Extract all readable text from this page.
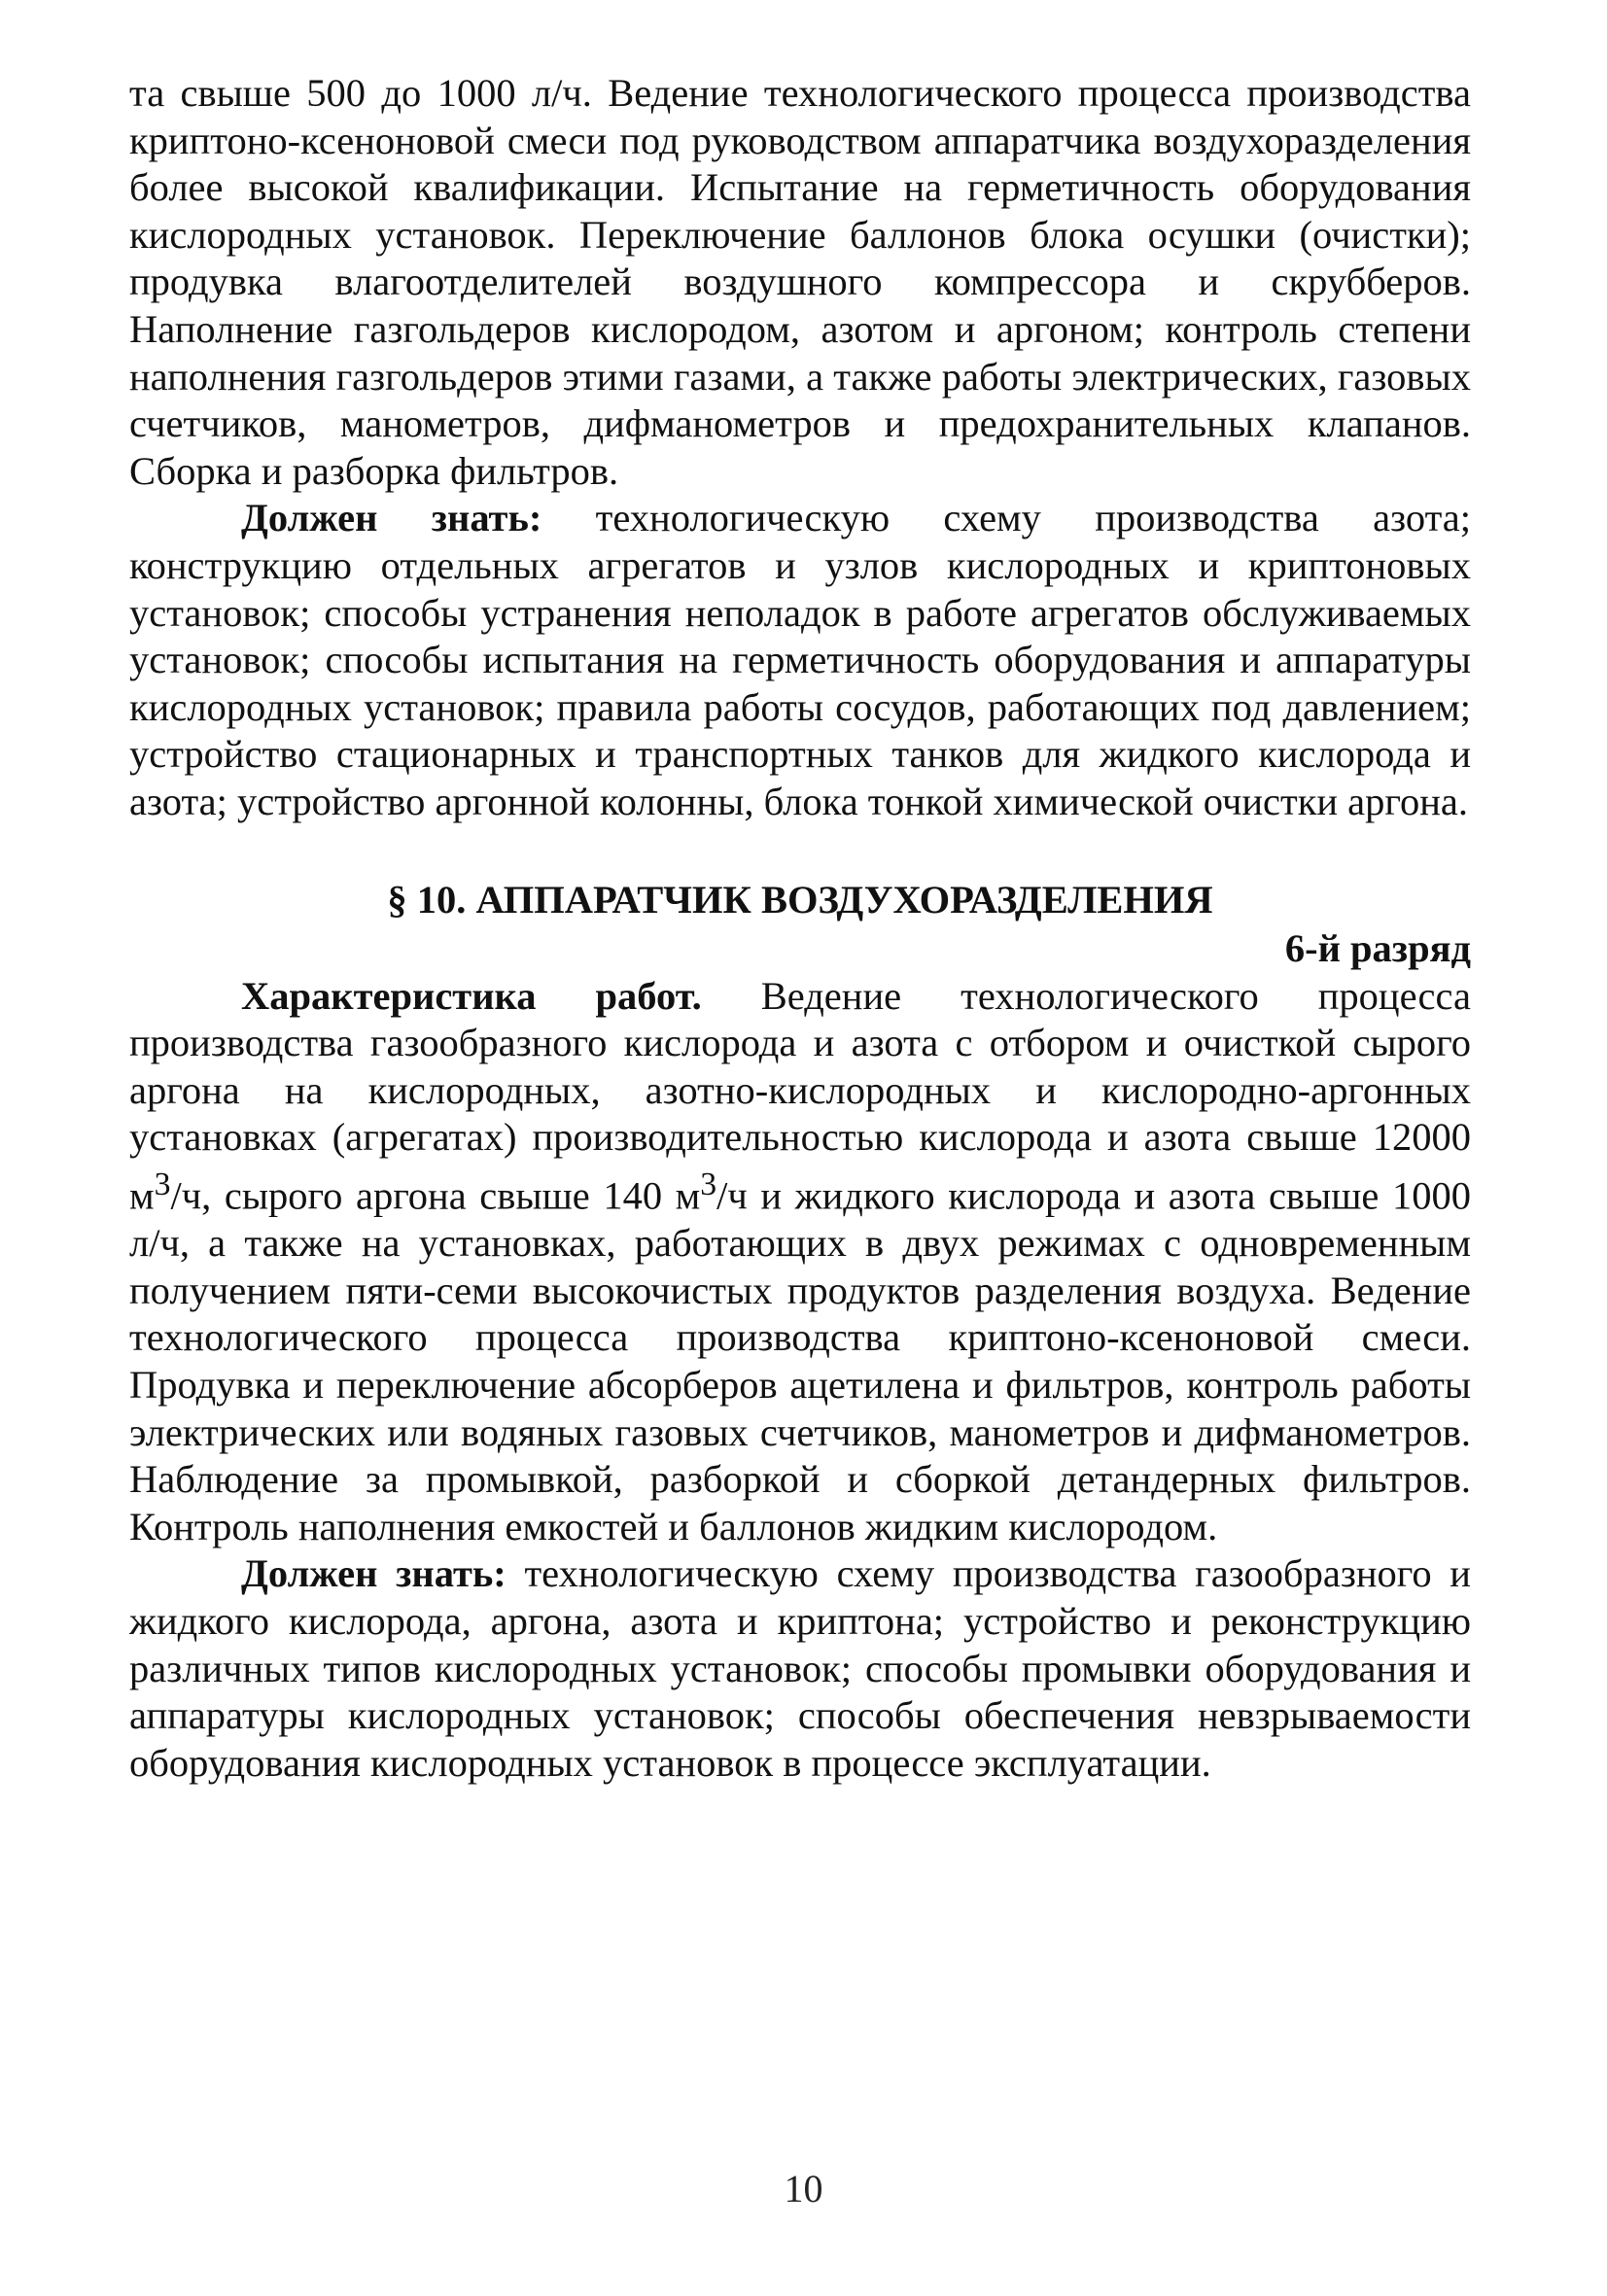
та свыше 500 до 1000 л/ч. Ведение технологического процесса производства криптоно-ксеноновой смеси под руководством аппаратчика воздухоразделения более высокой квалификации. Испытание на герметичность оборудования кислородных установок. Переключение баллонов блока осушки (очистки); продувка влагоотделителей воздушного компрессора и скрубберов. Наполнение газгольдеров кислородом, азотом и аргоном; контроль степени наполнения газгольдеров этими газами, а также работы электрических, газовых счетчиков, манометров, дифманометров и предохранительных клапанов. Сборка и разборка фильтров.

Должен знать: технологическую схему производства азота; конструкцию отдельных агрегатов и узлов кислородных и криптоновых установок; способы устранения неполадок в работе агрегатов обслуживаемых установок; способы испытания на герметичность оборудования и аппаратуры кислородных установок; правила работы сосудов, работающих под давлением; устройство стационарных и транспортных танков для жидкого кислорода и азота; устройство аргонной колонны, блока тонкой химической очистки аргона.

§ 10. АППАРАТЧИК ВОЗДУХОРАЗДЕЛЕНИЯ
6-й разряд

Характеристика работ. Ведение технологического процесса производства газообразного кислорода и азота с отбором и очисткой сырого аргона на кислородных, азотно-кислородных и кислородно-аргонных установках (агрегатах) производительностью кислорода и азота свыше 12000 $м^3/ч$, сырого аргона свыше 140 $м^3/ч$ и жидкого кислорода и азота свыше 1000 л/ч, а также на установках, работающих в двух режимах с одновременным получением пяти-семи высокочистых продуктов разделения воздуха. Ведение технологического процесса производства криптоно-ксеноновой смеси. Продувка и переключение абсорберов ацетилена и фильтров, контроль работы электрических или водяных газовых счетчиков, манометров и дифманометров. Наблюдение за промывкой, разборкой и сборкой детандерных фильтров. Контроль наполнения емкостей и баллонов жидким кислородом.

Должен знать: технологическую схему производства газообразного и жидкого кислорода, аргона, азота и криптона; устройство и реконструкцию различных типов кислородных установок; способы промывки оборудования и аппаратуры кислородных установок; способы обеспечения невзрываемости оборудования кислородных установок в процессе эксплуатации.

10
